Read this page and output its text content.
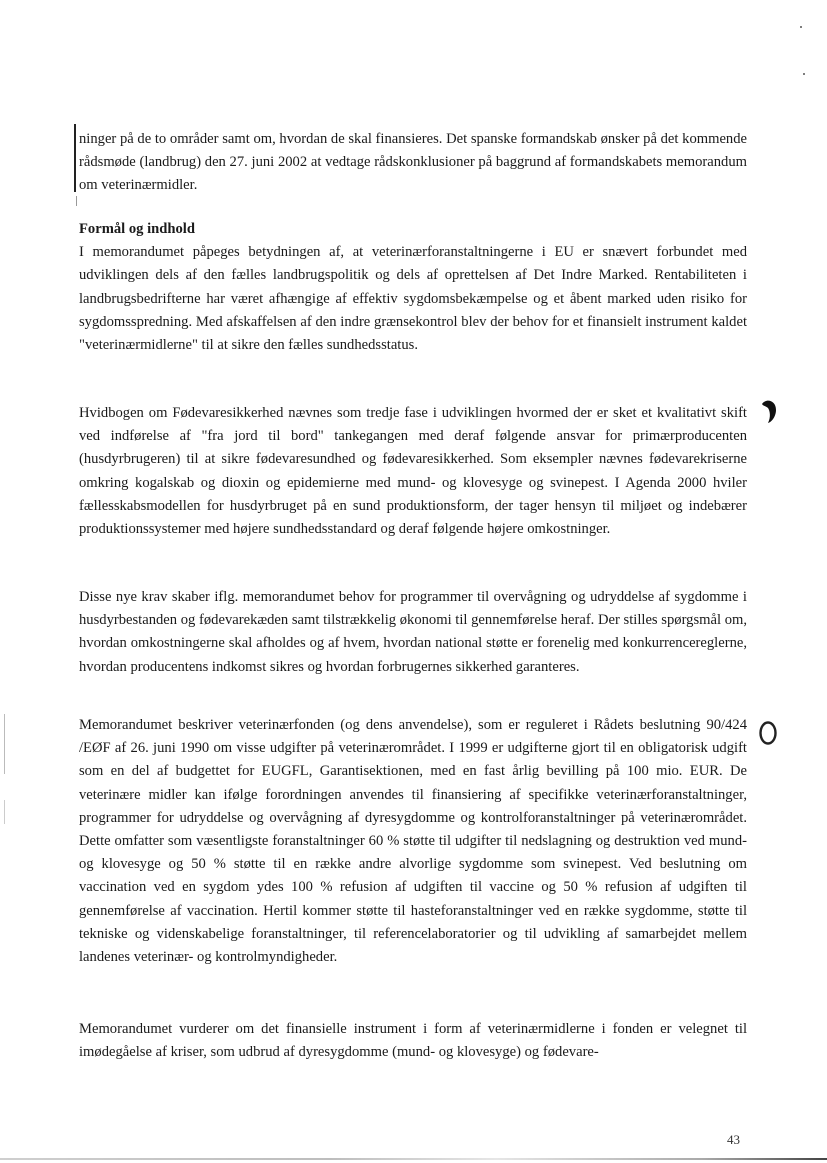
ninger på de to områder samt om, hvordan de skal finansieres. Det spanske formandskab ønsker på det kommende rådsmøde (landbrug) den 27. juni 2002 at vedtage rådskonklusioner på baggrund af formandskabets memorandum om veterinærmidler.

Formål og indhold

I memorandumet påpeges betydningen af, at veterinærforanstaltningerne i EU er snævert forbundet med udviklingen dels af den fælles landbrugspolitik og dels af oprettelsen af Det Indre Marked. Rentabiliteten i landbrugsbedrifterne har været afhængige af effektiv sygdomsbekæmpelse og et åbent marked uden risiko for sygdomsspredning. Med afskaffelsen af den indre grænsekontrol blev der behov for et finansielt instrument kaldet "veterinærmidlerne" til at sikre den fælles sundhedsstatus.

Hvidbogen om Fødevaresikkerhed nævnes som tredje fase i udviklingen hvormed der er sket et kvalitativt skift ved indførelse af "fra jord til bord" tankegangen med deraf følgende ansvar for primærproducenten (husdyrbrugeren) til at sikre fødevaresundhed og fødevaresikkerhed. Som eksempler nævnes fødevarekriserne omkring kogalskab og dioxin og epidemierne med mund- og klovesyge og svinepest. I Agenda 2000 hviler fællesskabsmodellen for husdyrbruget på en sund produktionsform, der tager hensyn til miljøet og indebærer produktionssystemer med højere sundhedsstandard og deraf følgende højere omkostninger.

Disse nye krav skaber iflg. memorandumet behov for programmer til overvågning og udryddelse af sygdomme i husdyrbestanden og fødevarekæden samt tilstrækkelig økonomi til gennemførelse heraf. Der stilles spørgsmål om, hvordan omkostningerne skal afholdes og af hvem, hvordan national støtte er forenelig med konkurrencereglerne, hvordan producentens indkomst sikres og hvordan forbrugernes sikkerhed garanteres.

Memorandumet beskriver veterinærfonden (og dens anvendelse), som er reguleret i Rådets beslutning 90/424 /EØF af 26. juni 1990 om visse udgifter på veterinærområdet. I 1999 er udgifterne gjort til en obligatorisk udgift som en del af budgettet for EUGFL, Garantisektionen, med en fast årlig bevilling på 100 mio. EUR. De veterinære midler kan ifølge forordningen anvendes til finansiering af specifikke veterinærforanstaltninger, programmer for udryddelse og overvågning af dyresygdomme og kontrolforanstaltninger på veterinærområdet. Dette omfatter som væsentligste foranstaltninger 60 % støtte til udgifter til nedslagning og destruktion ved mund- og klovesyge og 50 % støtte til en række andre alvorlige sygdomme som svinepest. Ved beslutning om vaccination ved en sygdom ydes 100 % refusion af udgiften til vaccine og 50 % refusion af udgiften til gennemførelse af vaccination. Hertil kommer støtte til hasteforanstaltninger ved en række sygdomme, støtte til tekniske og videnskabelige foranstaltninger, til referencelaboratorier og til udvikling af samarbejdet mellem landenes veterinær- og kontrolmyndigheder.

Memorandumet vurderer om det finansielle instrument i form af veterinærmidlerne i fonden er velegnet til imødegåelse af kriser, som udbrud af dyresygdomme (mund- og klovesyge) og fødevare-

43
